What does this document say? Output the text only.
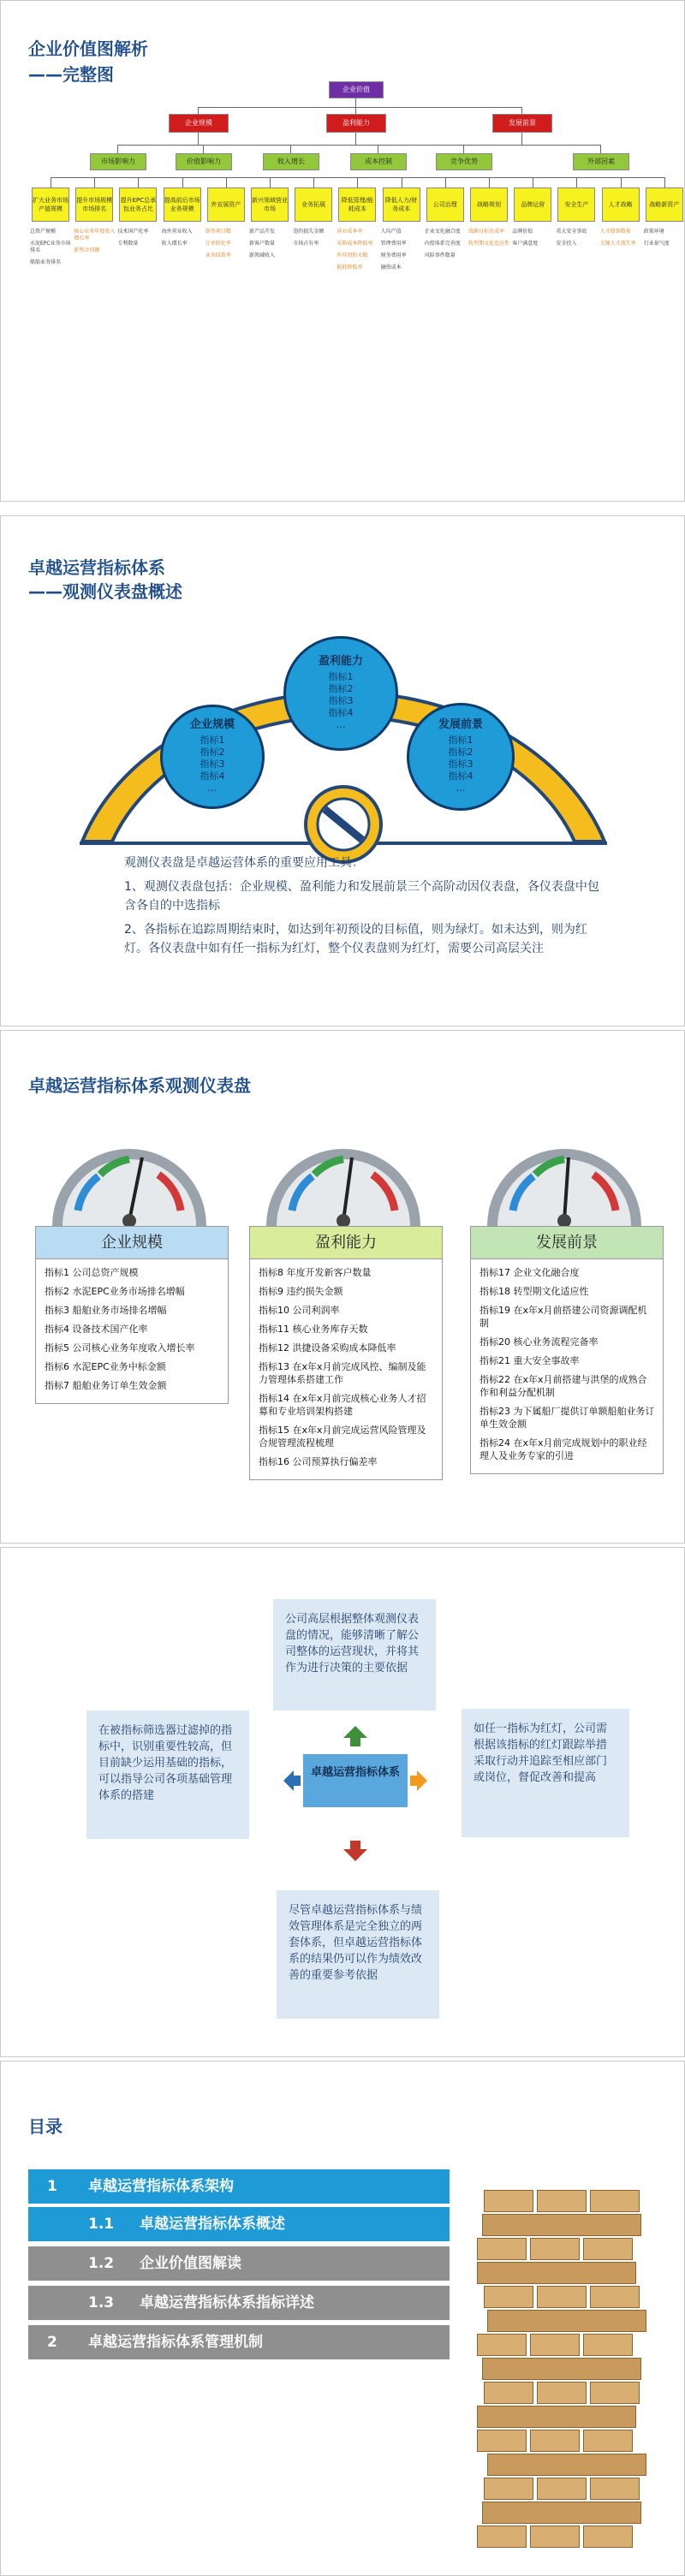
企业价值图解析
——完整图
企业价值
企业规模	盈利能力	发展前景
市场影响力	价值影响力	收入增长	成本控制	竞争优势	外部因素
扩大业务市场产值规模
总资产规模
水泥EPC业务市场排名
船舶业务排名
提升市场规模市场排名
核心业务年度收入增长率
新签合同额
提升EPC总承包业务占比
技术国产化率
专利数量
提高前后市场业务规模
海外营业收入
收入增长率
外宣展资产
新签项目数
订单转化率
业务回款率
新兴领域营业市场
新产品开发
新客户数量
新领域收入
业务拓展
违约损失金额
市场占有率
降低管理/能耗成本
营业成本率
采购成本降低率
库存周转天数
能耗降低率
降低人力/财务成本
人均产值
管理费用率
财务费用率
融资成本
公司治理
企业文化融合度
内控体系完善度
风险事件数量
战略规划
战略目标达成率
转型期文化适应性
品牌运营
品牌价值
客户满意度
安全生产
重大安全事故
安全投入
人才战略
人才储备数量
关键人才流失率
战略新资产
政策环境
行业景气度
卓越运营指标体系
——观测仪表盘概述
企业规模
指标1
指标2
指标3
指标4
…
盈利能力
指标1
指标2
指标3
指标4
…	发展前景
指标1
指标2
指标3
指标4
…
观测仪表盘是卓越运营体系的重要应用工具：
1、观测仪表盘包括：企业规模、盈利能力和发展前景三个高阶动因仪表盘，各仪表盘中包含各自的中选指标
2、各指标在追踪周期结束时，如达到年初预设的目标值，则为绿灯。如未达到，则为红灯。各仪表盘中如有任一指标为红灯，整个仪表盘则为红灯，需要公司高层关注
卓越运营指标体系观测仪表盘
企业规模
指标1 公司总资产规模
指标2 水泥EPC业务市场排名增幅
指标3 船舶业务市场排名增幅
指标4 设备技术国产化率
指标5 公司核心业务年度收入增长率
指标6 水泥EPC业务中标金额
指标7 船舶业务订单生效金额
盈利能力
指标8 年度开发新客户数量
指标9 违约损失金额
指标10 公司利润率
指标11 核心业务库存天数
指标12 洪捷设备采购成本降低率
指标13 在x年x月前完成风控、编制及能力管理体系搭建工作
指标14 在x年x月前完成核心业务人才招募和专业培训架构搭建
指标15 在x年x月前完成运营风险管理及合规管理流程梳理
指标16 公司预算执行偏差率
发展前景
指标17 企业文化融合度
指标18 转型期文化适应性
指标19 在x年x月前搭建公司资源调配机制
指标20 核心业务流程完备率
指标21 重大安全事故率
指标22 在x年x月前搭建与洪堡的成熟合作和利益分配机制
指标23 为下属船厂提供订单额船舶业务订单生效金额
指标24 在x年x月前完成规划中的职业经理人及业务专家的引进
公司高层根据整体观测仪表盘的情况，能够清晰了解公司整体的运营现状，并将其作为进行决策的主要依据
如任一指标为红灯，公司需根据该指标的红灯跟踪举措采取行动并追踪至相应部门或岗位，督促改善和提高
尽管卓越运营指标体系与绩效管理体系是完全独立的两套体系，但卓越运营指标体系的结果仍可以作为绩效改善的重要参考依据
在被指标筛选器过滤掉的指标中，识别重要性较高，但目前缺少运用基础的指标，可以指导公司各项基础管理体系的搭建
卓越运营指标体系
目录
1 卓越运营指标体系架构
1.1 卓越运营指标体系概述
1.2 企业价值图解读
1.3 卓越运营指标体系指标详述
2 卓越运营指标体系管理机制
